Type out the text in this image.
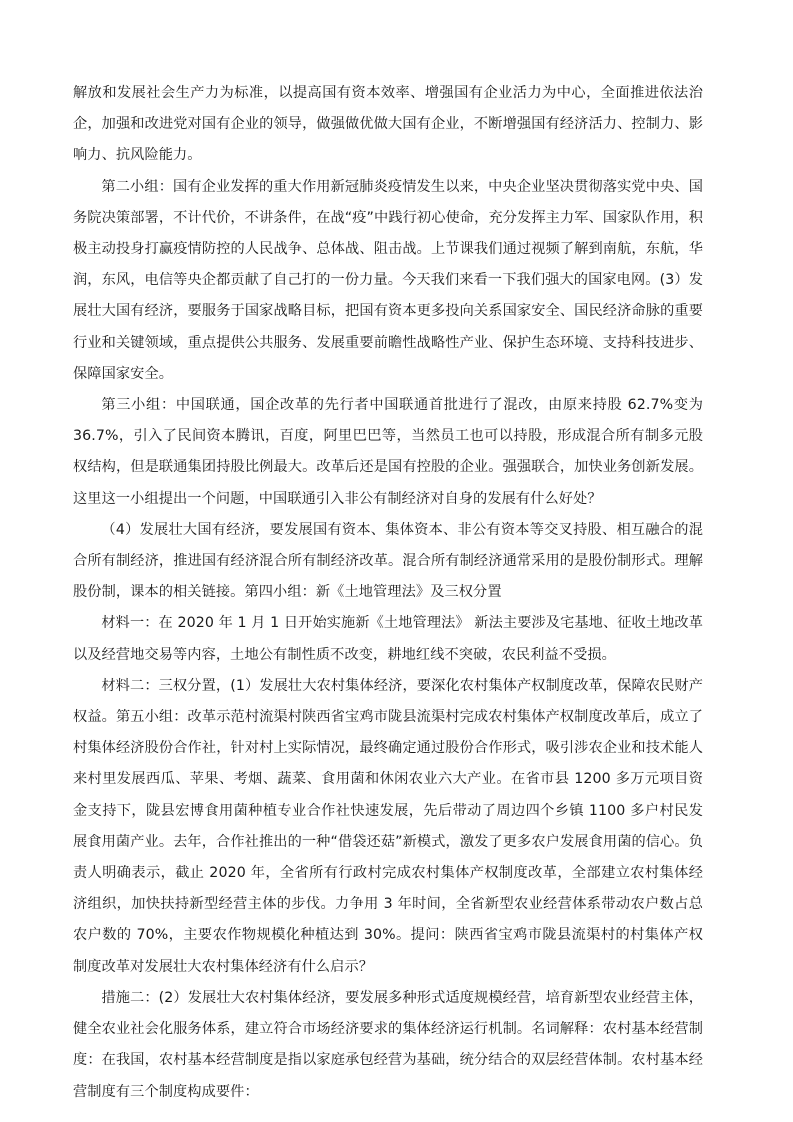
解放和发展社会生产力为标准，以提高国有资本效率、增强国有企业活力为中心，全面推进依法治企，加强和改进党对国有企业的领导，做强做优做大国有企业，不断增强国有经济活力、控制力、影响力、抗风险能力。

第二小组：国有企业发挥的重大作用新冠肺炎疫情发生以来，中央企业坚决贯彻落实党中央、国务院决策部署，不计代价，不讲条件，在战“疫”中践行初心使命，充分发挥主力军、国家队作用，积极主动投身打赢疫情防控的人民战争、总体战、阻击战。上节课我们通过视频了解到南航，东航，华润，东风，电信等央企都贡献了自己打的一份力量。今天我们来看一下我们强大的国家电网。(3）发展壮大国有经济，要服务于国家战略目标，把国有资本更多投向关系国家安全、国民经济命脉的重要行业和关键领域，重点提供公共服务、发展重要前瞻性战略性产业、保护生态环境、支持科技进步、保障国家安全。

第三小组：中国联通，国企改革的先行者中国联通首批进行了混改，由原来持股 62.7%变为 36.7%，引入了民间资本腾讯，百度，阿里巴巴等，当然员工也可以持股，形成混合所有制多元股权结构，但是联通集团持股比例最大。改革后还是国有控股的企业。强强联合，加快业务创新发展。这里这一小组提出一个问题，中国联通引入非公有制经济对自身的发展有什么好处？

（4）发展壮大国有经济，要发展国有资本、集体资本、非公有资本等交叉持股、相互融合的混合所有制经济，推进国有经济混合所有制经济改革。混合所有制经济通常采用的是股份制形式。理解股份制，课本的相关链接。第四小组：新《土地管理法》及三权分置

材料一：在 2020 年 1 月 1 日开始实施新《土地管理法》 新法主要涉及宅基地、征收土地改革以及经营地交易等内容，土地公有制性质不改变，耕地红线不突破，农民利益不受损。

材料二：三权分置，(1）发展壮大农村集体经济，要深化农村集体产权制度改革，保障农民财产权益。第五小组：改革示范村流渠村陕西省宝鸡市陇县流渠村完成农村集体产权制度改革后，成立了村集体经济股份合作社，针对村上实际情况，最终确定通过股份合作形式，吸引涉农企业和技术能人来村里发展西瓜、苹果、考烟、蔬菜、食用菌和休闲农业六大产业。在省市县 1200 多万元项目资金支持下，陇县宏博食用菌种植专业合作社快速发展，先后带动了周边四个乡镇 1100 多户村民发展食用菌产业。去年，合作社推出的一种“借袋还菇”新模式，激发了更多农户发展食用菌的信心。负责人明确表示，截止 2020 年，全省所有行政村完成农村集体产权制度改革，全部建立农村集体经济组织，加快扶持新型经营主体的步伐。力争用 3 年时间，全省新型农业经营体系带动农户数占总农户数的 70%，主要农作物规模化种植达到 30%。提问：陕西省宝鸡市陇县流渠村的村集体产权制度改革对发展壮大农村集体经济有什么启示？

措施二：(2）发展壮大农村集体经济，要发展多种形式适度规模经营，培育新型农业经营主体，健全农业社会化服务体系，建立符合市场经济要求的集体经济运行机制。名词解释：农村基本经营制度：在我国，农村基本经营制度是指以家庭承包经营为基础，统分结合的双层经营体制。农村基本经营制度有三个制度构成要件：
